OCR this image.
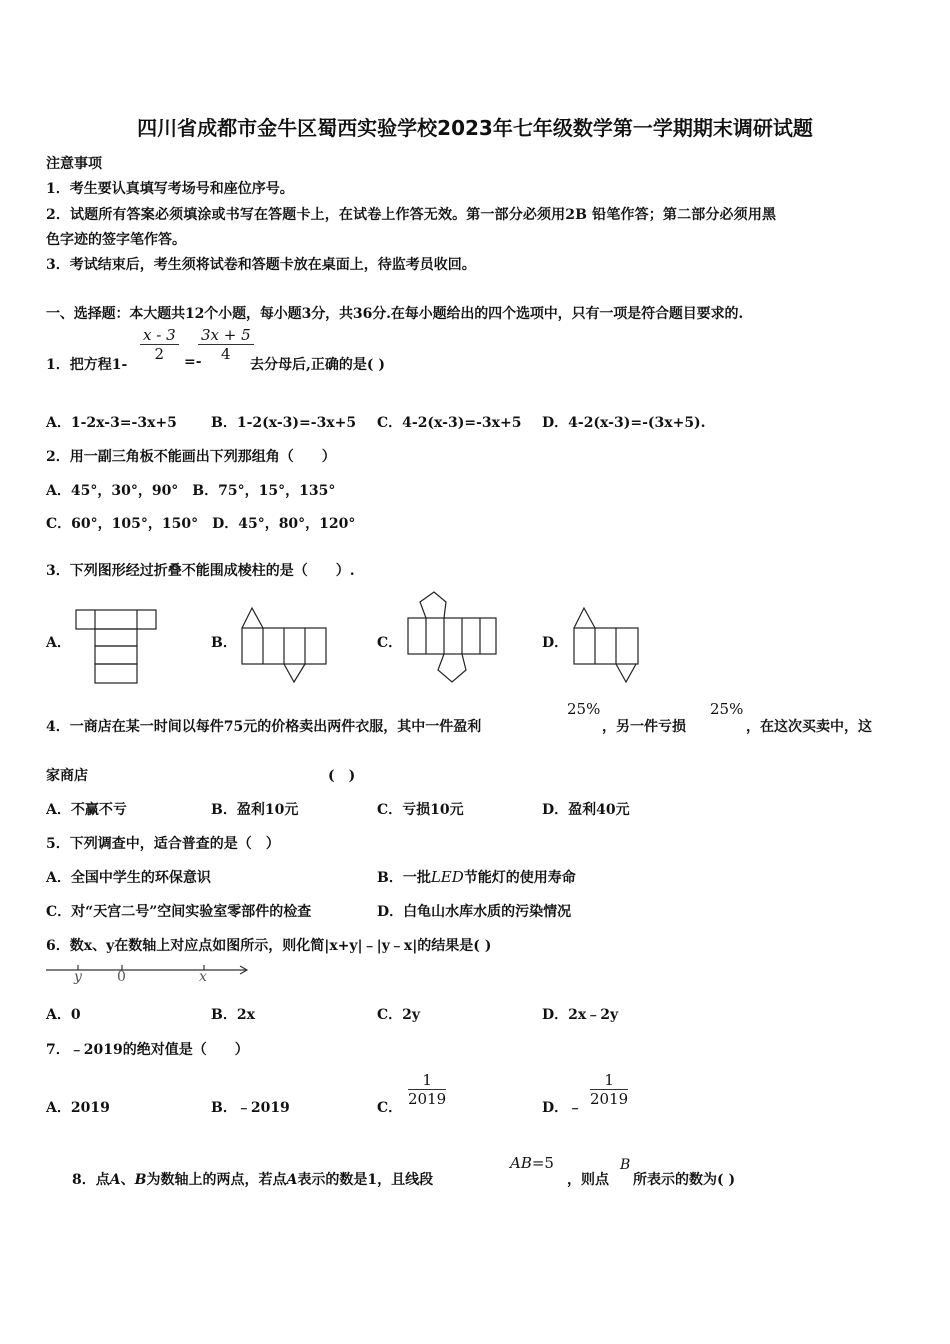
四川省成都市金牛区蜀西实验学校2023年七年级数学第一学期期末调研试题
注意事项
1．考生要认真填写考场号和座位序号。
2．试题所有答案必须填涂或书写在答题卡上，在试卷上作答无效。第一部分必须用2B 铅笔作答；第二部分必须用黑
色字迹的签字笔作答。
3．考试结束后，考生须将试卷和答题卡放在桌面上，待监考员收回。
一、选择题：本大题共12个小题，每小题3分，共36分.在每小题给出的四个选项中，只有一项是符合题目要求的.
1．把方程1-
$\frac{x - 3}{2}$ =-
$\frac{3x + 5}{4}$
去分母后,正确的是( )
A．1-2x-3=-3x+5 B．1-2(x-3)=-3x+5 C．4-2(x-3)=-3x+5 D．4-2(x-3)=-(3x+5).
2．用一副三角板不能画出下列那组角（　　）
A．45°，30°，90°　B．75°，15°，135°
C．60°，105°，150°　D．45°，80°，120°
3．下列图形经过折叠不能围成棱柱的是（　　）.
A．	B．	C．	D．
4．一商店在某一时间以每件75元的价格卖出两件衣服，其中一件盈利
25%
，另一件亏损
25%
，在这次买卖中，这
家商店	(　)
A．不赢不亏	B．盈利10元	C．亏损10元	D．盈利40元
5．下列调查中，适合普查的是（　）
A．全国中学生的环保意识	B．一批LED节能灯的使用寿命
C．对“天宫二号”空间实验室零部件的检查	D．白龟山水库水质的污染情况
6．数x、y在数轴上对应点如图所示，则化简|x+y|﹣|y﹣x|的结果是( )
y	0	x
A．0	B．2x	C．2y	D．2x﹣2y
7．﹣2019的绝对值是（　　）
A．2019	B．﹣2019	C． $\frac{1}{2019}$	D．﹣ $\frac{1}{2019}$
8．点A、B为数轴上的两点，若点A表示的数是1，且线段
AB=5
，则点
B
所表示的数为( )
